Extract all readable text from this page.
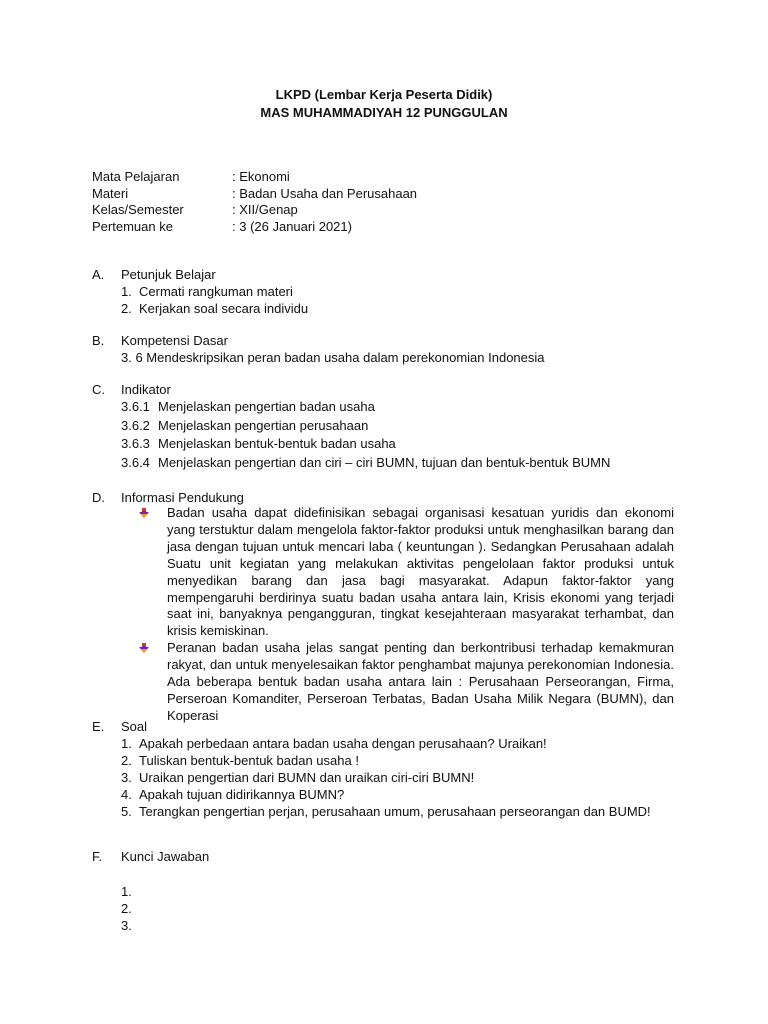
LKPD (Lembar Kerja Peserta Didik)
MAS MUHAMMADIYAH 12 PUNGGULAN
Mata Pelajaran	: Ekonomi
Materi	: Badan Usaha dan Perusahaan
Kelas/Semester	: XII/Genap
Pertemuan ke	: 3 (26 Januari 2021)
A. Petunjuk Belajar
1. Cermati rangkuman materi
2. Kerjakan soal secara individu
B. Kompetensi Dasar
3. 6 Mendeskripsikan peran badan usaha dalam perekonomian Indonesia
C. Indikator
3.6.1 Menjelaskan pengertian badan usaha
3.6.2 Menjelaskan pengertian perusahaan
3.6.3 Menjelaskan bentuk-bentuk badan usaha
3.6.4 Menjelaskan pengertian dan ciri – ciri BUMN, tujuan dan bentuk-bentuk BUMN
D. Informasi Pendukung
Badan usaha dapat didefinisikan sebagai organisasi kesatuan yuridis dan ekonomi yang terstuktur dalam mengelola faktor-faktor produksi untuk menghasilkan barang dan jasa dengan tujuan untuk mencari laba ( keuntungan ). Sedangkan Perusahaan adalah Suatu unit kegiatan yang melakukan aktivitas pengelolaan faktor produksi untuk menyedikan barang dan jasa bagi masyarakat. Adapun faktor-faktor yang mempengaruhi berdirinya suatu badan usaha antara lain, Krisis ekonomi yang terjadi saat ini, banyaknya pengangguran, tingkat kesejahteraan masyarakat terhambat, dan krisis kemiskinan.
Peranan badan usaha jelas sangat penting dan berkontribusi terhadap kemakmuran rakyat, dan untuk menyelesaikan faktor penghambat majunya perekonomian Indonesia. Ada beberapa bentuk badan usaha antara lain : Perusahaan Perseorangan, Firma, Perseroan Komanditer, Perseroan Terbatas, Badan Usaha Milik Negara (BUMN), dan Koperasi
E. Soal
1. Apakah perbedaan antara badan usaha dengan perusahaan? Uraikan!
2. Tuliskan bentuk-bentuk badan usaha !
3. Uraikan pengertian dari BUMN dan uraikan ciri-ciri BUMN!
4. Apakah tujuan didirikannya BUMN?
5. Terangkan pengertian perjan, perusahaan umum, perusahaan perseorangan dan BUMD!
F. Kunci Jawaban
1.
2.
3.
